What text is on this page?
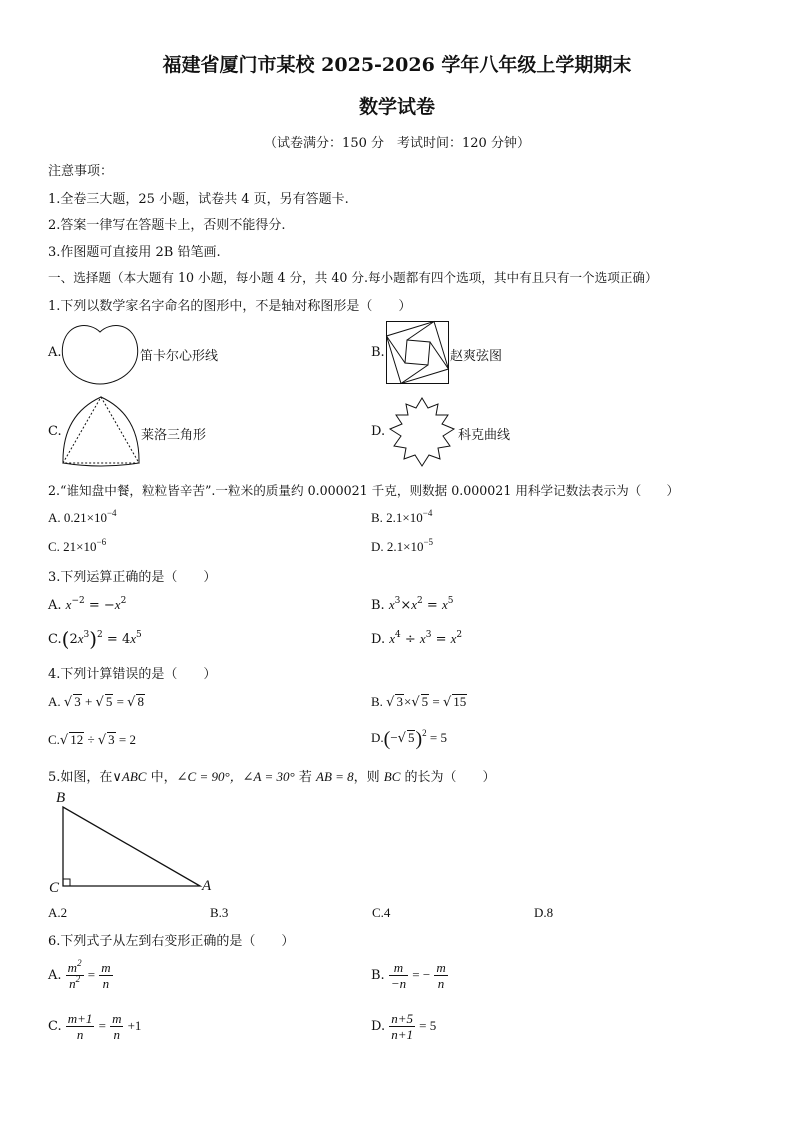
福建省厦门市某校 2025-2026 学年八年级上学期期末
数学试卷
（试卷满分：150 分　考试时间：120 分钟）
注意事项：
1.全卷三大题，25 小题，试卷共 4 页，另有答题卡.
2.答案一律写在答题卡上，否则不能得分.
3.作图题可直接用 2B 铅笔画.
一、选择题（本大题有 10 小题，每小题 4 分，共 40 分.每小题都有四个选项，其中有且只有一个选项正确）
1.下列以数学家名字命名的图形中，不是轴对称图形是（　　）
A.	笛卡尔心形线	B.	赵爽弦图
C.	莱洛三角形	D.	科克曲线
2.“谁知盘中餐，粒粒皆辛苦”.一粒米的质量约 0.000021 千克，则数据 0.000021 用科学记数法表示为（　　）
A. $0.21\times 10^{-4}$	B. $2.1\times 10^{-4}$
C. $21\times 10^{-6}$	D. $2.1\times 10^{-5}$
3.下列运算正确的是（　　）
A. $x^{-2} = -x^2$	B. $x^3\times x^2 = x^5$
$C.(2x^3)^2 = 4x^5$	D. $x^4 \div x^3 = x^2$
4.下列计算错误的是（　　）
A. √ 3 + √ 5 = √ 8	B. √ 3×√ 5 = √ 15
C.√ 12 ÷ √ 3 = 2	D.(−√ 5)$^2$ = 5
5.如图，在∨ABC 中，∠C = 90°，∠A = 30° 若 AB = 8，则 BC 的长为（　　）
B
C	A
A.2	B.3	C.4	D.8
6.下列式子从左到右变形正确的是（　　）
A. $\frac{m^2}{n^2} = \frac{m}{n}$	B. $\frac{m}{-n}$ = − $\frac{m}{n}$
C. $\frac{m+1}{n} = \frac{m}{n} +1$	D. $\frac{n+5}{n+1} = 5$
